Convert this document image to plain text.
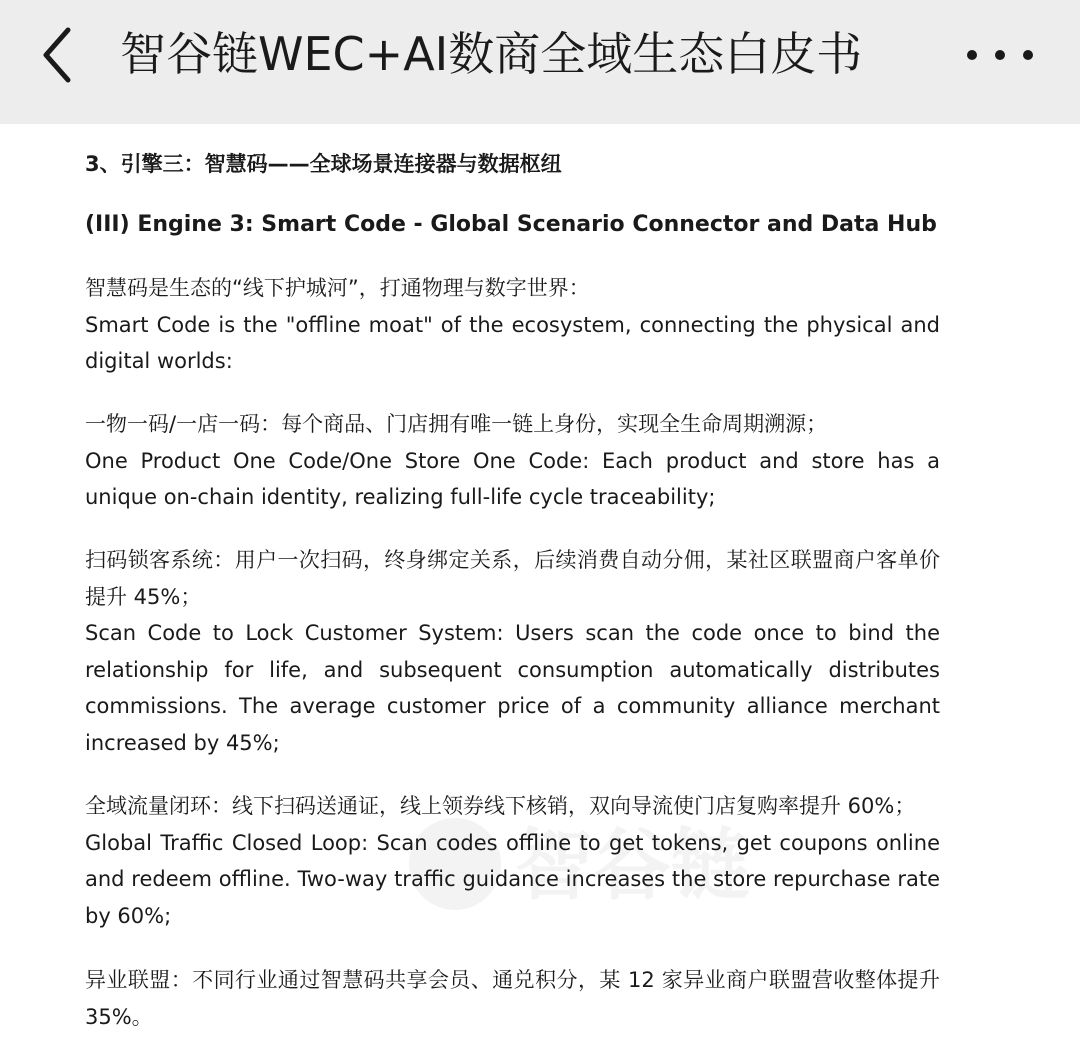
智谷链WEC+AI数商全域生态白皮书
智谷链
3、引擎三：智慧码——全球场景连接器与数据枢纽
(III) Engine 3: Smart Code - Global Scenario Connector and Data Hub
智慧码是生态的“线下护城河”，打通物理与数字世界：
Smart Code is the "offline moat" of the ecosystem, connecting the physical and digital worlds:
一物一码/一店一码：每个商品、门店拥有唯一链上身份，实现全生命周期溯源；
One Product One Code/One Store One Code: Each product and store has a unique on-chain identity, realizing full-life cycle traceability;
扫码锁客系统：用户一次扫码，终身绑定关系，后续消费自动分佣，某社区联盟商户客单价提升 45%；
Scan Code to Lock Customer System: Users scan the code once to bind the relationship for life, and subsequent consumption automatically distributes commissions. The average customer price of a community alliance merchant increased by 45%;
全域流量闭环：线下扫码送通证，线上领券线下核销，双向导流使门店复购率提升 60%；
Global Traffic Closed Loop: Scan codes offline to get tokens, get coupons online and redeem offline. Two-way traffic guidance increases the store repurchase rate by 60%;
异业联盟：不同行业通过智慧码共享会员、通兑积分，某 12 家异业商户联盟营收整体提升 35%。
